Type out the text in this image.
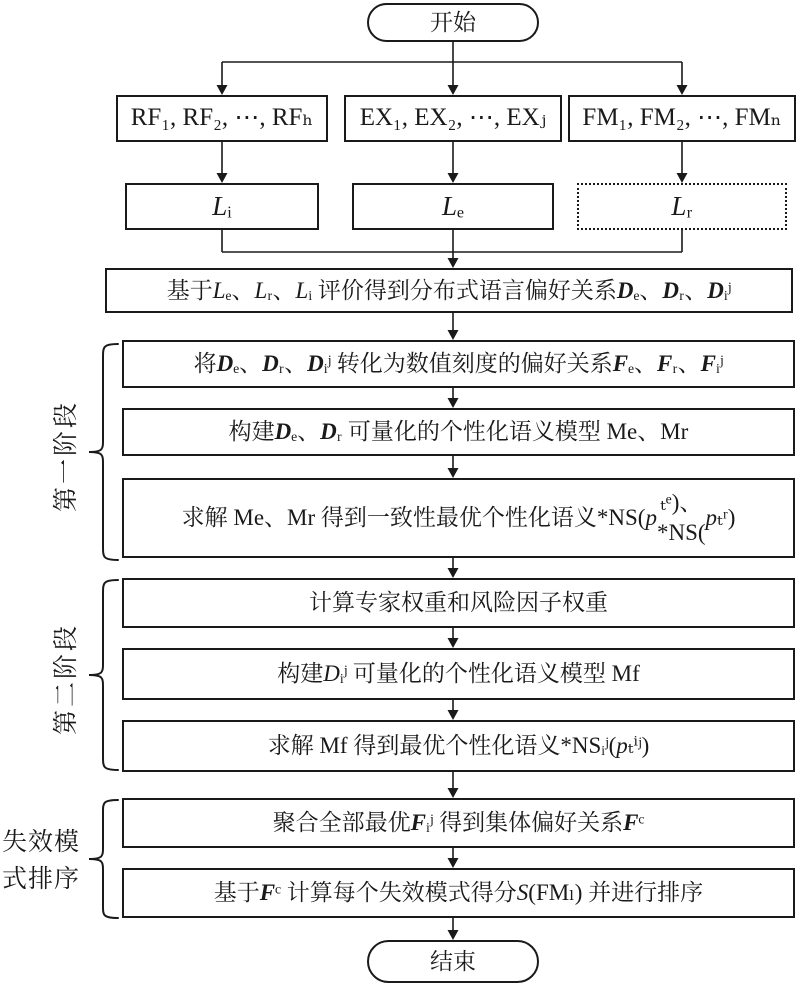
开始
结束
RF₁, RF₂, ⋯, RFₕ	EX₁, EX₂, ⋯, EXⱼ	FM₁, FM₂, ⋯, FMₙ
L ᵢ	L ₑ	L ᵣ
基于 L ₑ、 L ᵣ、 L ᵢ 评价得到分布式语言偏好关系 D ₑ、 D ᵣ、 D ᵢʲ
第一阶段
将 D ₑ、 D ᵣ、 D ᵢʲ 转化为数值刻度的偏好关系 F ₑ、 F ᵣ、 F ᵢʲ
构建 D ₑ、 D ᵣ 可量化的个性化语义模型 Me、Mr
求解 Me、Mr 得到一致性最优个性化语义*NS( p
ₜᵉ)、
*NS(
p ₜʳ)
第二阶段
计算专家权重和风险因子权重
构建 D ᵢʲ 可量化的个性化语义模型 Mf
求解 Mf 得到最优个性化语义*NSᵢʲ( p ₜⁱʲ)
失效模
式排序
聚合全部最优 F ᵢʲ 得到集体偏好关系 F ᶜ
基于 F ᶜ 计算每个失效模式得分 S (FMₗ) 并进行排序
